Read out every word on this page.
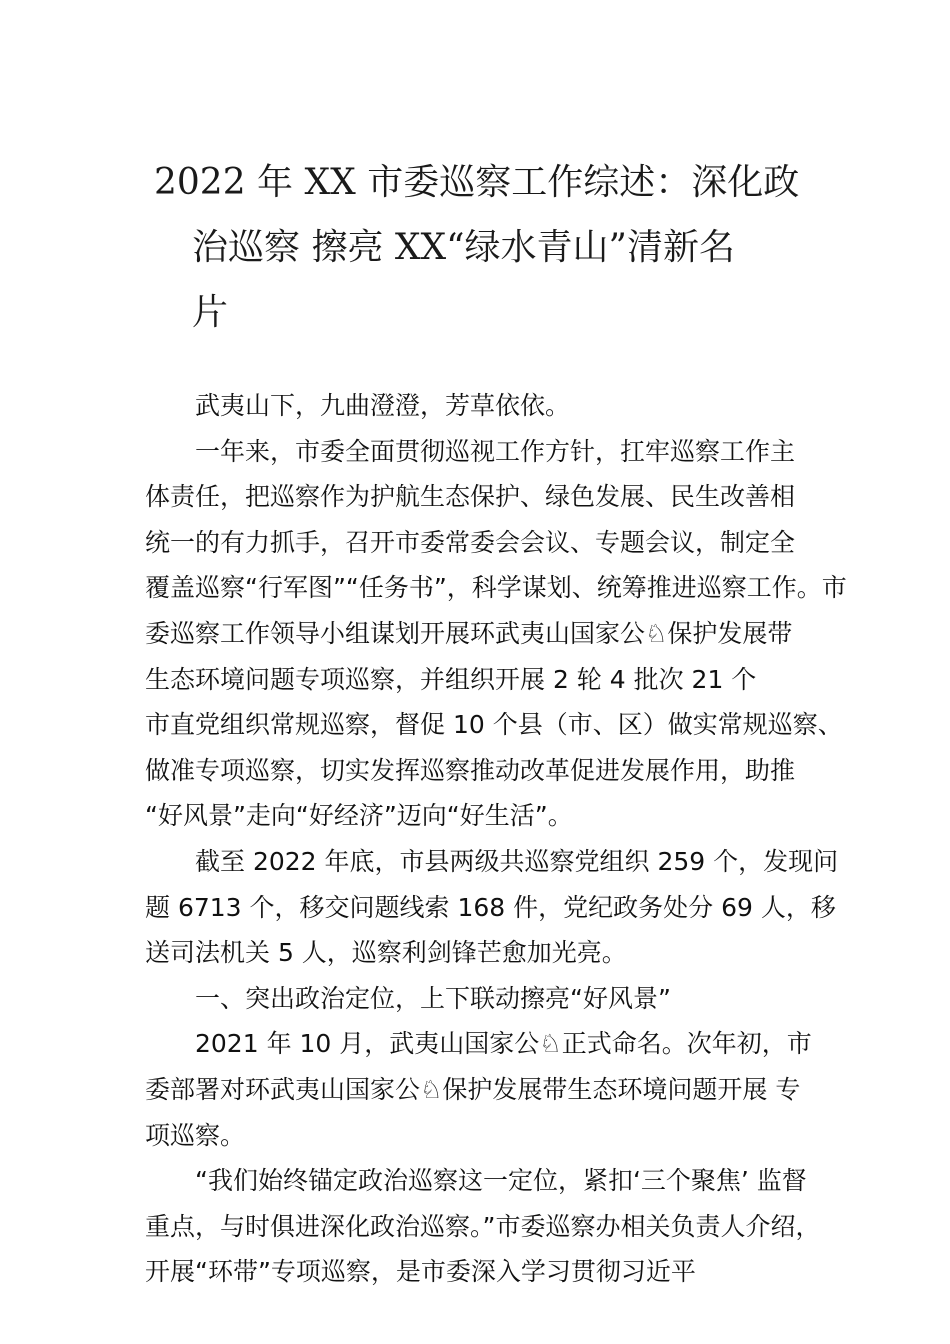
2022 年 XX 市委巡察工作综述：深化政
治巡察 擦亮 XX“绿水青山”清新名
片
武夷山下，九曲澄澄，芳草依依。
一年来，市委全面贯彻巡视工作方针，扛牢巡察工作主
体责任，把巡察作为护航生态保护、绿色发展、民生改善相
统一的有力抓手，召开市委常委会会议、专题会议，制定全
覆盖巡察“行军图”“任务书”，科学谋划、统筹推进巡察工作。市
委巡察工作领导小组谋划开展环武夷山国家公♘保护发展带
生态环境问题专项巡察，并组织开展 2 轮 4 批次 21 个
市直党组织常规巡察，督促 10 个县（市、区）做实常规巡察、
做准专项巡察，切实发挥巡察推动改革促进发展作用，助推
“好风景”走向“好经济”迈向“好生活”。
截至 2022 年底，市县两级共巡察党组织 259 个，发现问
题 6713 个，移交问题线索 168 件，党纪政务处分 69 人，移
送司法机关 5 人，巡察利剑锋芒愈加光亮。
一、突出政治定位，上下联动擦亮“好风景”
2021 年 10 月，武夷山国家公♘正式命名。次年初，市
委部署对环武夷山国家公♘保护发展带生态环境问题开展 专
项巡察。
“我们始终锚定政治巡察这一定位，紧扣‘三个聚焦’ 监督
重点，与时俱进深化政治巡察。”市委巡察办相关负责人介绍，
开展“环带”专项巡察，是市委深入学习贯彻习近平
